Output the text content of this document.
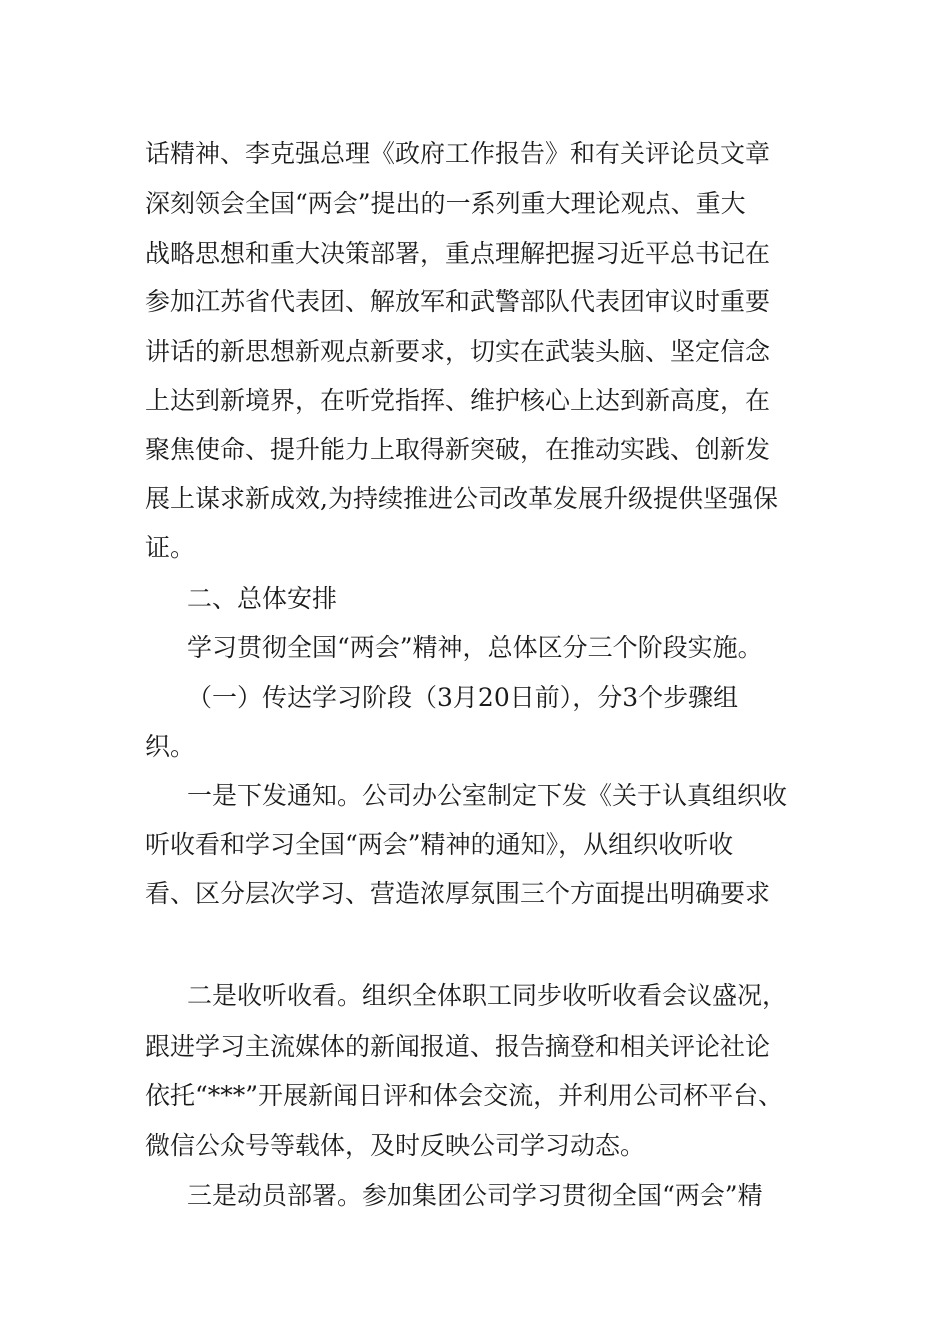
话精神、李克强总理《政府工作报告》和有关评论员文章
深刻领会全国“两会”提出的一系列重大理论观点、重大
战略思想和重大决策部署，重点理解把握习近平总书记在
参加江苏省代表团、解放军和武警部队代表团审议时重要
讲话的新思想新观点新要求，切实在武装头脑、坚定信念
上达到新境界，在听党指挥、维护核心上达到新高度，在
聚焦使命、提升能力上取得新突破，在推动实践、创新发
展上谋求新成效,为持续推进公司改革发展升级提供坚强保
证。
二、总体安排
学习贯彻全国“两会”精神，总体区分三个阶段实施。
（一）传达学习阶段（3月20日前），分3个步骤组
织。
一是下发通知。公司办公室制定下发《关于认真组织收
听收看和学习全国“两会”精神的通知》，从组织收听收
看、区分层次学习、营造浓厚氛围三个方面提出明确要求
二是收听收看。组织全体职工同步收听收看会议盛况，
跟进学习主流媒体的新闻报道、报告摘登和相关评论社论
依托“***”开展新闻日评和体会交流，并利用公司杯平台、
微信公众号等载体，及时反映公司学习动态。
三是动员部署。参加集团公司学习贯彻全国“两会”精
